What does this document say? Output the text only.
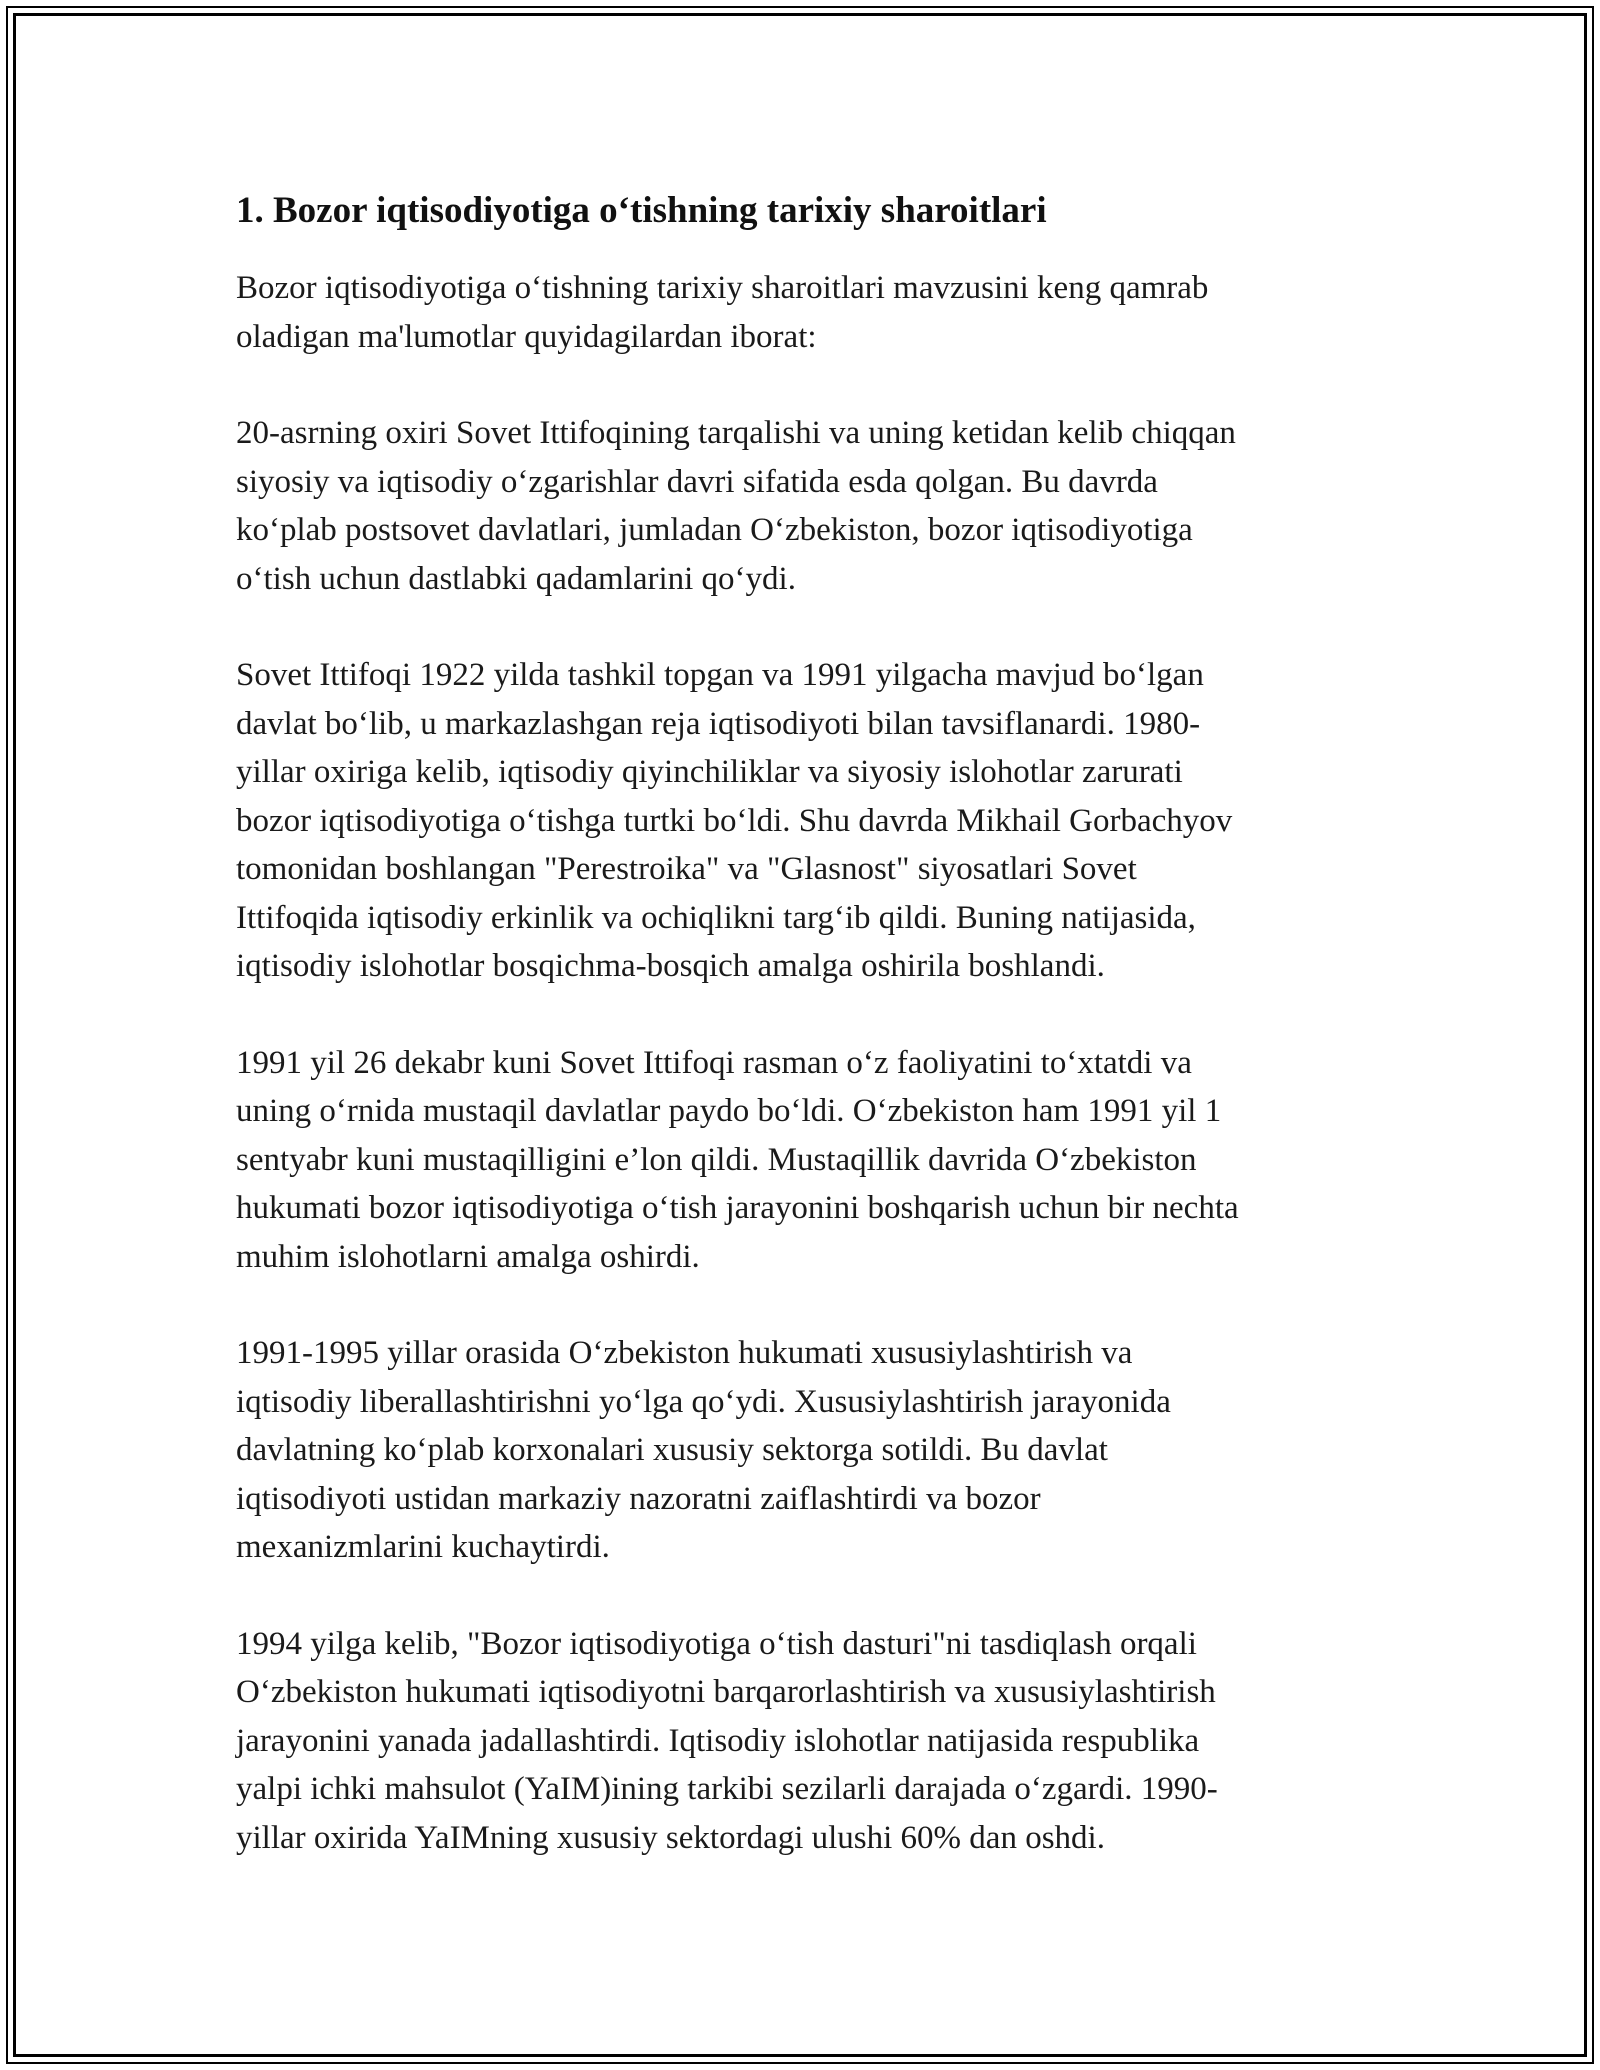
1. Bozor iqtisodiyotiga o‘tishning tarixiy sharoitlari

Bozor iqtisodiyotiga o‘tishning tarixiy sharoitlari mavzusini keng qamrab
oladigan ma'lumotlar quyidagilardan iborat:

20-asrning oxiri Sovet Ittifoqining tarqalishi va uning ketidan kelib chiqqan
siyosiy va iqtisodiy o‘zgarishlar davri sifatida esda qolgan. Bu davrda
ko‘plab postsovet davlatlari, jumladan O‘zbekiston, bozor iqtisodiyotiga
o‘tish uchun dastlabki qadamlarini qo‘ydi.

Sovet Ittifoqi 1922 yilda tashkil topgan va 1991 yilgacha mavjud bo‘lgan
davlat bo‘lib, u markazlashgan reja iqtisodiyoti bilan tavsiflanardi. 1980-
yillar oxiriga kelib, iqtisodiy qiyinchiliklar va siyosiy islohotlar zarurati
bozor iqtisodiyotiga o‘tishga turtki bo‘ldi. Shu davrda Mikhail Gorbachyov
tomonidan boshlangan "Perestroika" va "Glasnost" siyosatlari Sovet
Ittifoqida iqtisodiy erkinlik va ochiqlikni targ‘ib qildi. Buning natijasida,
iqtisodiy islohotlar bosqichma-bosqich amalga oshirila boshlandi.

1991 yil 26 dekabr kuni Sovet Ittifoqi rasman o‘z faoliyatini to‘xtatdi va
uning o‘rnida mustaqil davlatlar paydo bo‘ldi. O‘zbekiston ham 1991 yil 1
sentyabr kuni mustaqilligini e’lon qildi. Mustaqillik davrida O‘zbekiston
hukumati bozor iqtisodiyotiga o‘tish jarayonini boshqarish uchun bir nechta
muhim islohotlarni amalga oshirdi.

1991-1995 yillar orasida O‘zbekiston hukumati xususiylashtirish va
iqtisodiy liberallashtirishni yo‘lga qo‘ydi. Xususiylashtirish jarayonida
davlatning ko‘plab korxonalari xususiy sektorga sotildi. Bu davlat
iqtisodiyoti ustidan markaziy nazoratni zaiflashtirdi va bozor
mexanizmlarini kuchaytirdi.

1994 yilga kelib, "Bozor iqtisodiyotiga o‘tish dasturi"ni tasdiqlash orqali
O‘zbekiston hukumati iqtisodiyotni barqarorlashtirish va xususiylashtirish
jarayonini yanada jadallashtirdi. Iqtisodiy islohotlar natijasida respublika
yalpi ichki mahsulot (YaIM)ining tarkibi sezilarli darajada o‘zgardi. 1990-
yillar oxirida YaIMning xususiy sektordagi ulushi 60% dan oshdi.
